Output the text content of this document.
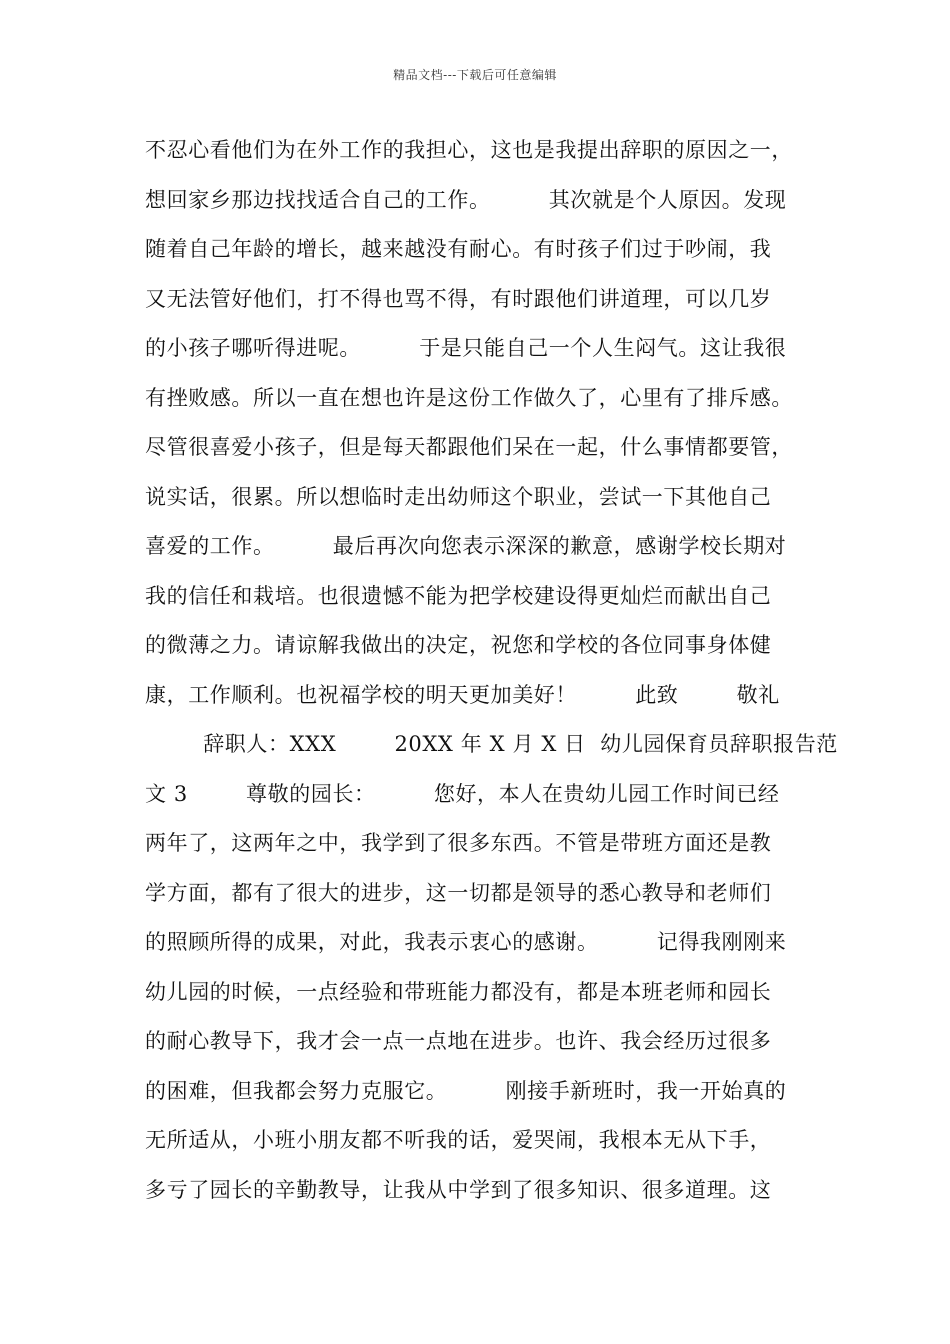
精品文档---下载后可任意编辑
不忍心看他们为在外工作的我担心，这也是我提出辞职的原因之一，
想回家乡那边找找适合自己的工作。        其次就是个人原因。发现
随着自己年龄的增长，越来越没有耐心。有时孩子们过于吵闹，我
又无法管好他们，打不得也骂不得，有时跟他们讲道理，可以几岁
的小孩子哪听得进呢。        于是只能自己一个人生闷气。这让我很
有挫败感。所以一直在想也许是这份工作做久了，心里有了排斥感。
尽管很喜爱小孩子，但是每天都跟他们呆在一起，什么事情都要管，
说实话，很累。所以想临时走出幼师这个职业，尝试一下其他自己
喜爱的工作。        最后再次向您表示深深的歉意，感谢学校长期对
我的信任和栽培。也很遗憾不能为把学校建设得更灿烂而献出自己
的微薄之力。请谅解我做出的决定，祝您和学校的各位同事身体健
康，工作顺利。也祝福学校的明天更加美好！        此致        敬礼
辞职人：XXX        20XX 年 X 月 X 日  幼儿园保育员辞职报告范
文 3        尊敬的园长：        您好，本人在贵幼儿园工作时间已经
两年了，这两年之中，我学到了很多东西。不管是带班方面还是教
学方面，都有了很大的进步，这一切都是领导的悉心教导和老师们
的照顾所得的成果，对此，我表示衷心的感谢。        记得我刚刚来
幼儿园的时候，一点经验和带班能力都没有，都是本班老师和园长
的耐心教导下，我才会一点一点地在进步。也许、我会经历过很多
的困难，但我都会努力克服它。        刚接手新班时，我一开始真的
无所适从，小班小朋友都不听我的话，爱哭闹，我根本无从下手，
多亏了园长的辛勤教导，让我从中学到了很多知识、很多道理。这
